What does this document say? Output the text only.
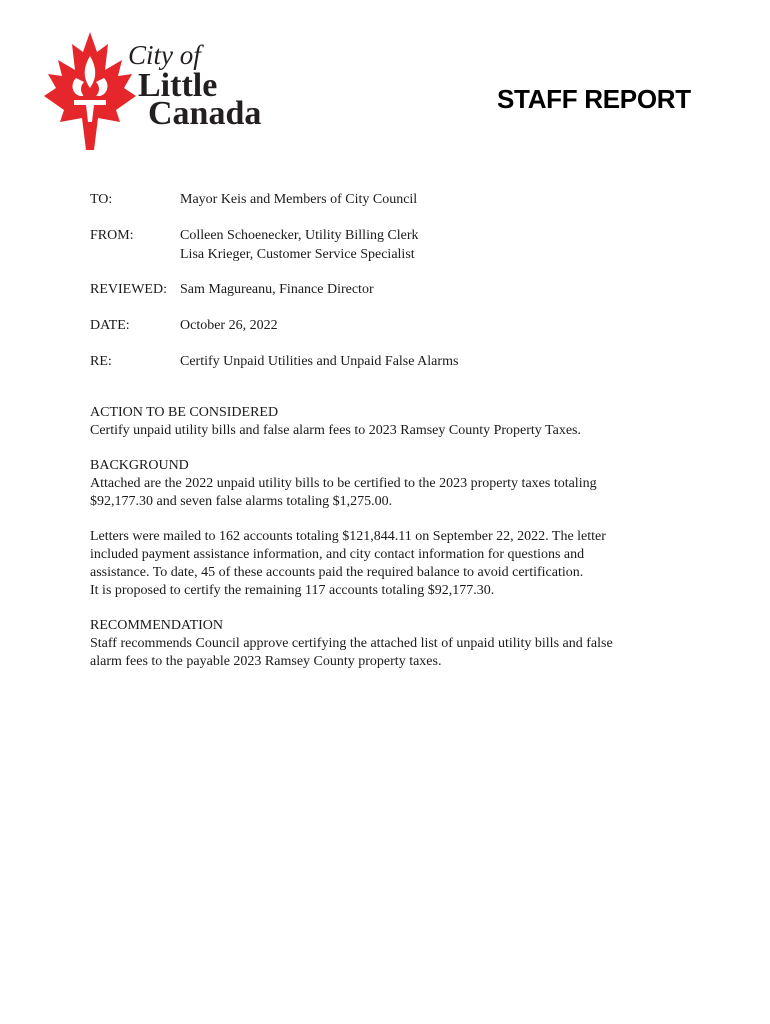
LC
City of
Little
Canada	STAFF REPORT
TO:	Mayor Keis and Members of City Council
FROM:	Colleen Schoenecker, Utility Billing Clerk
Lisa Krieger, Customer Service Specialist
REVIEWED: Sam Magureanu, Finance Director
DATE:	October 26, 2022
RE:	Certify Unpaid Utilities and Unpaid False Alarms

ACTION TO BE CONSIDERED

Certify unpaid utility bills and false alarm fees to 2023 Ramsey County Property Taxes.

BACKGROUND

Attached are the 2022 unpaid utility bills to be certified to the 2023 property taxes totaling

$92,177.30 and seven false alarms totaling $1,275.00.

Letters were mailed to 162 accounts totaling $121,844.11 on September 22, 2022. The letter

included payment assistance information, and city contact information for questions and

assistance. To date, 45 of these accounts paid the required balance to avoid certification.

It is proposed to certify the remaining 117 accounts totaling $92,177.30.

RECOMMENDATION

Staff recommends Council approve certifying the attached list of unpaid utility bills and false

alarm fees to the payable 2023 Ramsey County property taxes.
